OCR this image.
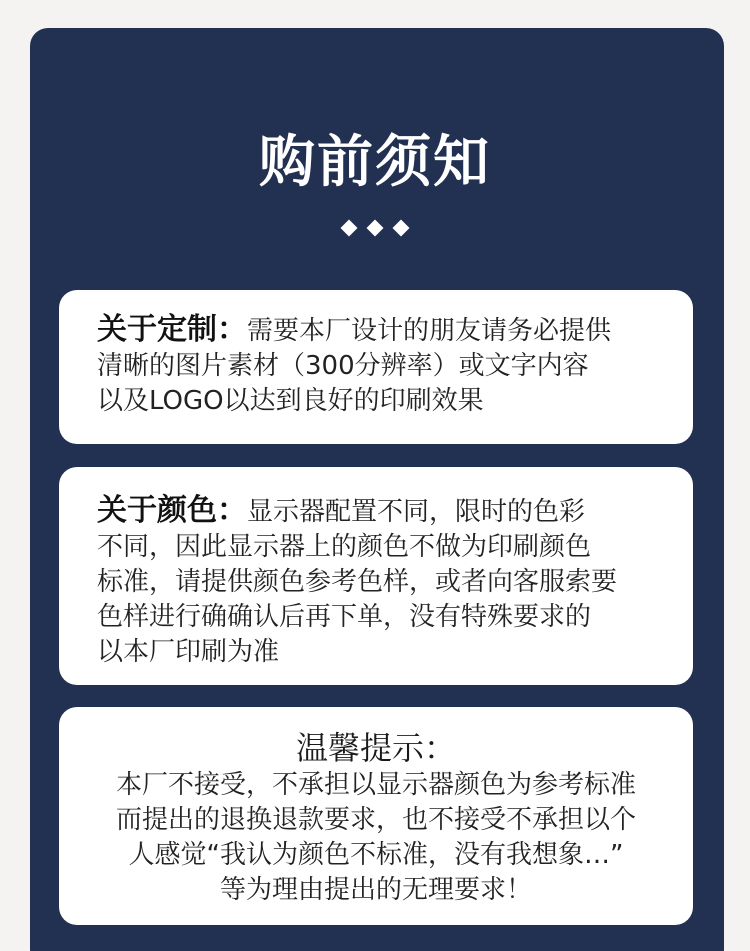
购前须知
关于定制：需要本厂设计的朋友请务必提供
清晰的图片素材（300分辨率）或文字内容
以及LOGO以达到良好的印刷效果
关于颜色：显示器配置不同，限时的色彩
不同，因此显示器上的颜色不做为印刷颜色
标准，请提供颜色参考色样，或者向客服索要
色样进行确确认后再下单，没有特殊要求的
以本厂印刷为准
温馨提示：
本厂不接受，不承担以显示器颜色为参考标准
而提出的退换退款要求，也不接受不承担以个
人感觉“我认为颜色不标准，没有我想象…”
等为理由提出的无理要求！
